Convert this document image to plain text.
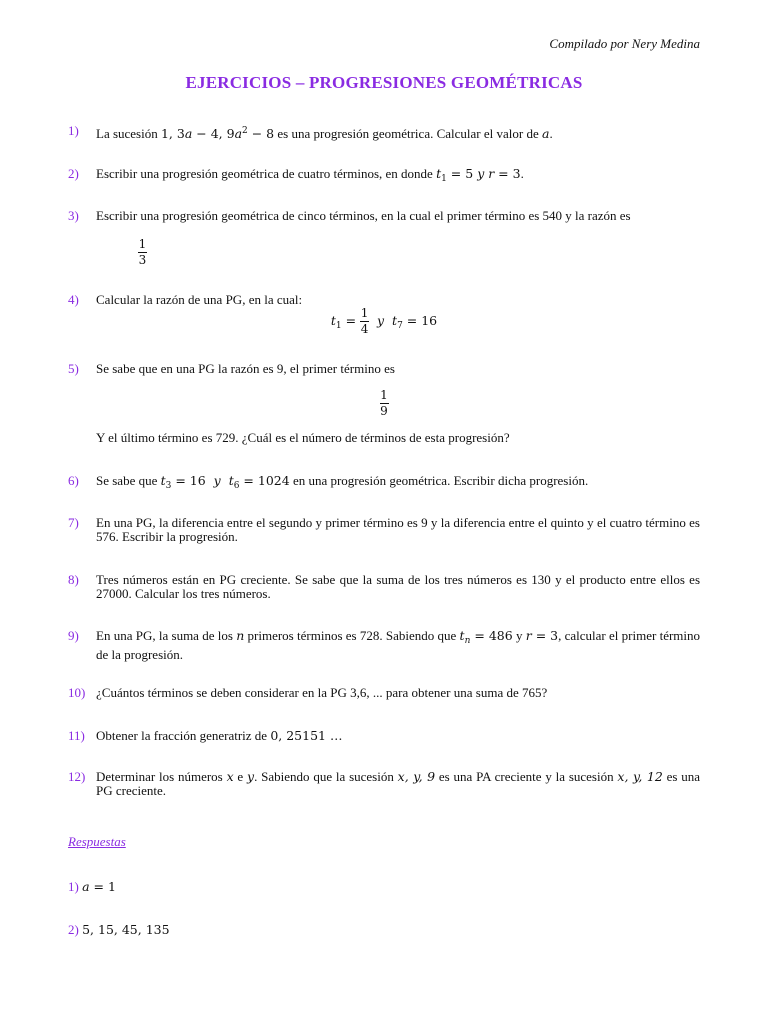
Compilado por Nery Medina
EJERCICIOS – PROGRESIONES GEOMÉTRICAS
1) La sucesión 1, 3a − 4, $9a^2 - 8$ es una progresión geométrica. Calcular el valor de a.
2) Escribir una progresión geométrica de cuatro términos, en donde $t_1 = 5$ y r = 3.
3) Escribir una progresión geométrica de cinco términos, en la cual el primer término es 540 y la razón es
1
3
4) Calcular la razón de una PG, en la cual:
$t_1 = \frac{1}{4}$ y $t_7 = 16$
5) Se sabe que en una PG la razón es 9, el primer término es
$\frac{1}{9}$
Y el último término es 729. ¿Cuál es el número de términos de esta progresión?
6) Se sabe que $t_3 = 16$ y $t_6 = 1024$ en una progresión geométrica. Escribir dicha progresión.
7) En una PG, la diferencia entre el segundo y primer término es 9 y la diferencia entre el quinto y el cuatro término es 576. Escribir la progresión.
8) Tres números están en PG creciente. Se sabe que la suma de los tres números es 130 y el producto entre ellos es 27000. Calcular los tres números.
9) En una PG, la suma de los n primeros términos es 728. Sabiendo que $t_n = 486$ y r = 3, calcular el primer término de la progresión.
10) ¿Cuántos términos se deben considerar en la PG 3,6, ... para obtener una suma de 765?
11) Obtener la fracción generatriz de 0, 25151 …
12) Determinar los números x e y. Sabiendo que la sucesión x, y, 9 es una PA creciente y la sucesión x, y, 12 es una PG creciente.
Respuestas
1) a = 1
2) 5, 15, 45, 135
